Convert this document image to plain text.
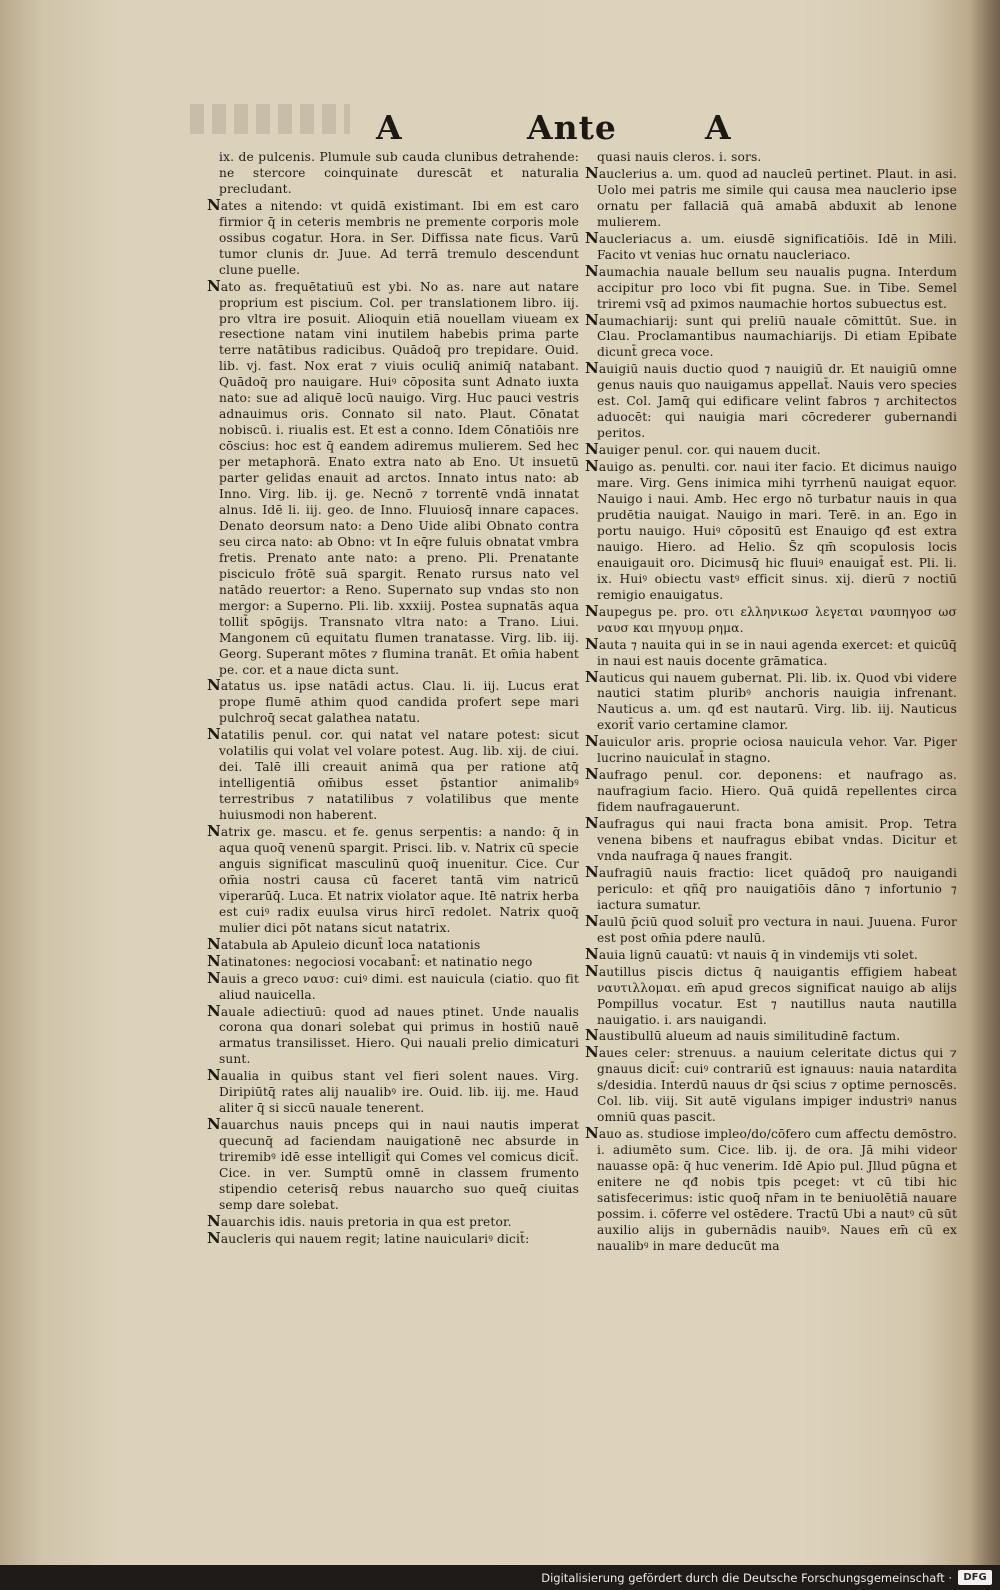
A	Ante	A

ix. de pulcenis. Plumule sub cauda clunibus detrahende: ne stercore coinquinate durescāt et naturalia precludant.

Nates a nitendo: vt quidā existimant. Ibi em est caro firmior q̄ in ceteris membris ne premente corporis mole ossibus cogatur. Hora. in Ser. Diffissa nate ficus. Varū tumor clunis dr. Juue. Ad terrā tremulo descendunt clune puelle.

Nato as. frequētatiuū est ybi. No as. nare aut natare proprium est piscium. Col. per translationem libro. iij. pro vltra ire posuit. Alioquin etiā nouellam viueam ex resectione natam vini inutilem habebis prima parte terre natātibus radicibus. Quādoq̄ pro trepidare. Ouid. lib. vj. fast. Nox erat ⁊ viuis oculiq̄ animiq̄ natabant. Quādoq̄ pro nauigare. Huiꝰ cōposita sunt Adnato iuxta nato: sue ad aliquē locū nauigo. Virg. Huc pauci vestris adnauimus oris. Connato sil nato. Plaut. Cōnatat nobiscū. i. riualis est. Et est a conno. Idem Cōnatiōis nre cōscius: hoc est q̄ eandem adiremus mulierem. Sed hec per metaphorā. Enato extra nato ab Eno. Ut insuetū parter gelidas enauit ad arctos. Innato intus nato: ab Inno. Virg. lib. ij. ge. Necnō ⁊ torrentē vndā innatat alnus. Idē li. iij. geo. de Inno. Fluuiosq̄ innare capaces. Denato deorsum nato: a Deno Uide alibi Obnato contra seu circa nato: ab Obno: vt In eq̄re fuluis obnatat vmbra fretis. Prenato ante nato: a preno. Pli. Prenatante pisciculo frōtē suā spargit. Renato rursus nato vel natādo reuertor: a Reno. Supernato sup vndas sto non mergor: a Superno. Pli. lib. xxxiij. Postea supnatās aqua tollit̄ spōgijs. Transnato vltra nato: a Trano. Liui. Mangonem cū equitatu flumen tranatasse. Virg. lib. iij. Georg. Superant mōtes ⁊ flumina tranāt. Et om̄ia habent pe. cor. et a naue dicta sunt.

Natatus us. ipse natādi actus. Clau. li. iij. Lucus erat prope flumē athim quod candida profert sepe mari pulchroq̄ secat galathea natatu.

Natatilis penul. cor. qui natat vel natare potest: sicut volatilis qui volat vel volare potest. Aug. lib. xij. de ciui. dei. Talē illi creauit animā qua per ratione atq̄ intelligentiā om̄ibus esset p̄stantior animalibꝰ terrestribus ⁊ natatilibus ⁊ volatilibus que mente huiusmodi non haberent.

Natrix ge. mascu. et fe. genus serpentis: a nando: q̄ in aqua quoq̄ venenū spargit. Prisci. lib. v. Natrix cū specie anguis significat masculinū quoq̄ inuenitur. Cice. Cur om̄ia nostri causa cū faceret tantā vim natricū viperarūq̄. Luca. Et natrix violator aque. Itē natrix herba est cuiꝰ radix euulsa virus hircī redolet. Natrix quoq̄ mulier dici pōt natans sicut natatrix.

Natabula ab Apuleio dicunt̄ loca natationis

Natinatones: negociosi vocabant̄: et natinatio nego

Nauis a greco ναυσ: cuiꝰ dimi. est nauicula (ciatio. quo fit aliud nauicella.

Nauale adiectiuū: quod ad naues ptinet. Unde naualis corona qua donari solebat qui primus in hostiū nauē armatus transilisset. Hiero. Qui nauali prelio dimicaturi sunt.

Naualia in quibus stant vel fieri solent naues. Virg. Diripiūtq̄ rates alij naualibꝰ ire. Ouid. lib. iij. me. Haud aliter q̄ si siccū nauale tenerent.

Nauarchus nauis pnceps qui in naui nautis imperat quecunq̄ ad faciendam nauigationē nec absurde in triremibꝰ idē esse intelligit̄ qui Comes vel comicus dicit̄. Cice. in ver. Sumptū omnē in classem frumento stipendio ceterisq̄ rebus nauarcho suo queq̄ ciuitas semp dare solebat.

Nauarchis idis. nauis pretoria in qua est pretor.

Naucleris qui nauem regit; latine nauiculariꝰ dicit̄:

quasi nauis cleros. i. sors.

Nauclerius a. um. quod ad naucleū pertinet. Plaut. in asi. Uolo mei patris me simile qui causa mea nauclerio ipse ornatu per fallaciā quā amabā abduxit ab lenone mulierem.

Naucleriacus a. um. eiusdē significatiōis. Idē in Mili. Facito vt venias huc ornatu naucleriaco.

Naumachia nauale bellum seu naualis pugna. Interdum accipitur pro loco vbi fit pugna. Sue. in Tibe. Semel triremi vsq̄ ad pximos naumachie hortos subuectus est.

Naumachiarij: sunt qui preliū nauale cōmittūt. Sue. in Clau. Proclamantibus naumachiarijs. Di etiam Epibate dicunt̄ greca voce.

Nauigiū nauis ductio quod ⁊ nauigiū dr. Et nauigiū omne genus nauis quo nauigamus appellat̄. Nauis vero species est. Col. Jamq̄ qui edificare velint fabros ⁊ architectos aduocēt: qui nauigia mari cōcrederer gubernandi peritos.

Nauiger penul. cor. qui nauem ducit.

Nauigo as. penulti. cor. naui iter facio. Et dicimus nauigo mare. Virg. Gens inimica mihi tyrrhenū nauigat equor. Nauigo i naui. Amb. Hec ergo nō turbatur nauis in qua prudētia nauigat. Nauigo in mari. Terē. in an. Ego in portu nauigo. Huiꝰ cōpositū est Enauigo qđ est extra nauigo. Hiero. ad Helio. S̄z qm̄ scopulosis locis enauigauit oro. Dicimusq̄ hic fluuiꝰ enauigat̄ est. Pli. li. ix. Huiꝰ obiectu vastꝰ efficit sinus. xij. dierū ⁊ noctiū remigio enauigatus.

Naupegus pe. pro. οτι ελληνικωσ λεγεται ναυπηγοσ ωσ ναυσ και πηγυυμ ρημα.

Nauta ⁊ nauita qui in se in naui agenda exercet: et quicūq̄ in naui est nauis docente grāmatica.

Nauticus qui nauem gubernat. Pli. lib. ix. Quod vbi videre nautici statim pluribꝰ anchoris nauigia infrenant. Nauticus a. um. qđ est nautarū. Virg. lib. iij. Nauticus exorit̄ vario certamine clamor.

Nauiculor aris. proprie ociosa nauicula vehor. Var. Piger lucrino nauiculat̄ in stagno.

Naufrago penul. cor. deponens: et naufrago as. naufragium facio. Hiero. Quā quidā repellentes circa fidem naufragauerunt.

Naufragus qui naui fracta bona amisit. Prop. Tetra venena bibens et naufragus ebibat vndas. Dicitur et vnda naufraga q̄ naues frangit.

Naufragiū nauis fractio: licet quādoq̄ pro nauigandi periculo: et qñq̄ pro nauigatiōis dāno ⁊ infortunio ⁊ iactura sumatur.

Naulū p̄ciū quod soluit̄ pro vectura in naui. Juuena. Furor est post om̄ia pdere naulū.

Nauia lignū cauatū: vt nauis q̄ in vindemijs vti solet.

Nautillus piscis dictus q̄ nauigantis effigiem habeat ναυτιλλομαι. em̄ apud grecos significat nauigo ab alijs Pompillus vocatur. Est ⁊ nautillus nauta nautilla nauigatio. i. ars nauigandi.

Naustibullū alueum ad nauis similitudinē factum.

Naues celer: strenuus. a nauium celeritate dictus qui ⁊ gnauus dicit̄: cuiꝰ contrariū est ignauus: nauia natardita s/desidia. Interdū nauus dr q̄si scius ⁊ optime pernoscēs. Col. lib. viij. Sit autē vigulans impiger industriꝰ nanus omniū quas pascit.

Nauo as. studiose impleo/do/cōfero cum affectu demōstro. i. adiumēto sum. Cice. lib. ij. de ora. Jā mihi videor nauasse opā: q̄ huc venerim. Idē Apio pul. Jllud pūgna et enitere ne qđ nobis tpis pceget: vt cū tibi hic satisfecerimus: istic quoq̄ nr̄am in te beniuolētiā nauare possim. i. cōferre vel ostēdere. Tractū Ubi a nautꝰ cū sūt auxilio alijs in gubernādis nauibꝰ. Naues em̄ cū ex naualibꝰ in mare deducūt ma

Digitalisierung gefördert durch die Deutsche Forschungsgemeinschaft ·	DFG
